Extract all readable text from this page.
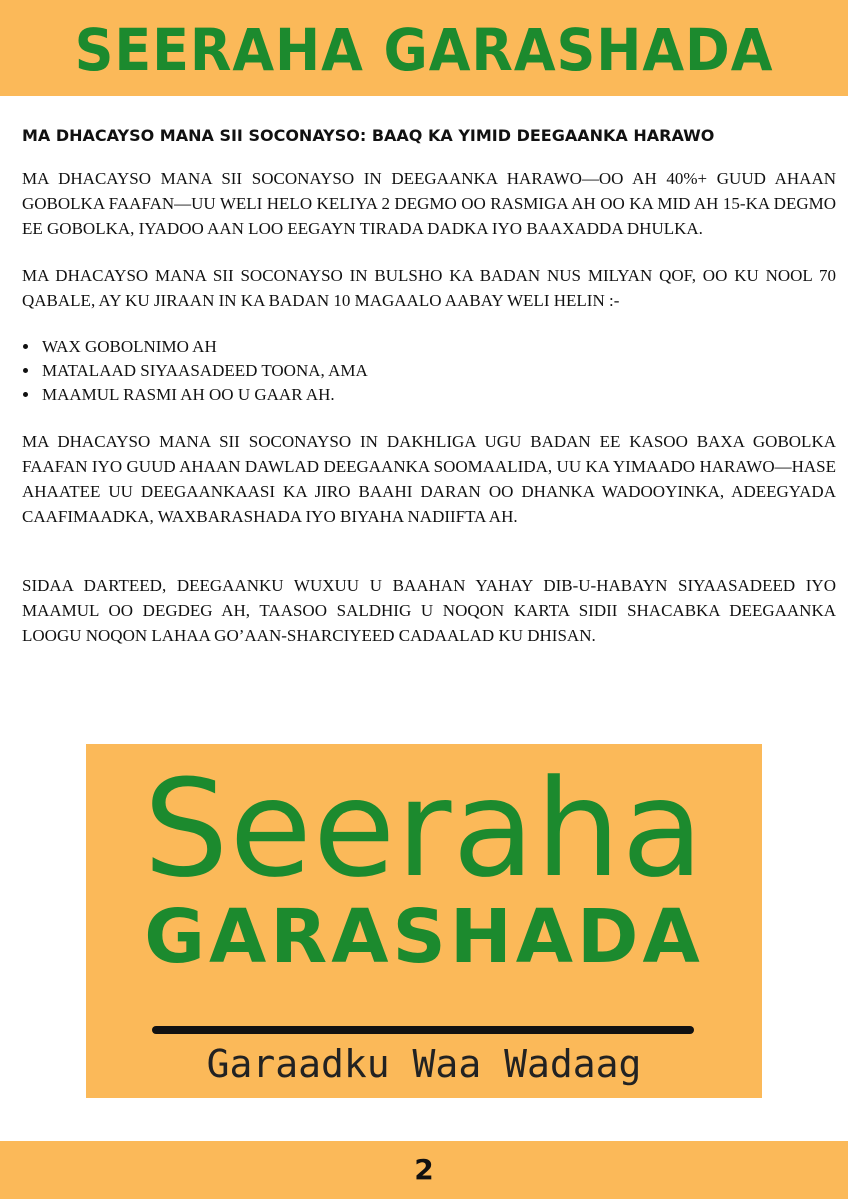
SEERAHA GARASHADA
MA DHACAYSO MANA SII SOCONAYSO: BAAQ KA YIMID DEEGAANKA HARAWO

MA DHACAYSO MANA SII SOCONAYSO IN DEEGAANKA HARAWO—OO AH 40%+ GUUD AHAAN GOBOLKA FAAFAN—UU WELI HELO KELIYA 2 DEGMO OO RASMIGA AH OO KA MID AH 15-KA DEGMO EE GOBOLKA, IYADOO AAN LOO EEGAYN TIRADA DADKA IYO BAAXADDA DHULKA.

MA DHACAYSO MANA SII SOCONAYSO IN BULSHO KA BADAN NUS MILYAN QOF, OO KU NOOL 70 QABALE, AY KU JIRAAN IN KA BADAN 10 MAGAALO AABAY WELI HELIN :-

• WAX GOBOLNIMO AH
• MATALAAD SIYAASADEED TOONA, AMA
• MAAMUL RASMI AH OO U GAAR AH.

MA DHACAYSO MANA SII SOCONAYSO IN DAKHLIGA UGU BADAN EE KASOO BAXA GOBOLKA FAAFAN IYO GUUD AHAAN DAWLAD DEEGAANKA SOOMAALIDA, UU KA YIMAADO HARAWO—HASE AHAATEE UU DEEGAANKAASI KA JIRO BAAHI DARAN OO DHANKA WADOOYINKA, ADEEGYADA CAAFIMAADKA, WAXBARASHADA IYO BIYAHA NADIIFTA AH.

SIDAA DARTEED, DEEGAANKU WUXUU U BAAHAN YAHAY DIB-U-HABAYN SIYAASADEED IYO MAAMUL OO DEGDEG AH, TAASOO SALDHIG U NOQON KARTA SIDII SHACABKA DEEGAANKA LOOGU NOQON LAHAA GO’AAN-SHARCIYEED CADAALAD KU DHISAN.

Seeraha
GARASHADA
Garaadku Waa Wadaag
2
